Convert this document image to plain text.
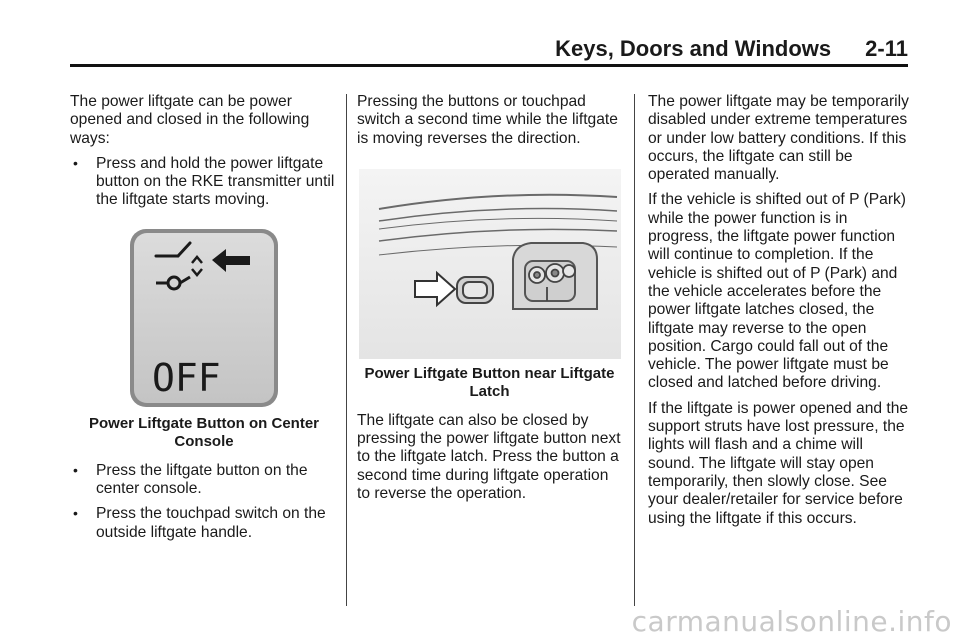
Keys, Doors and Windows 2-11

The power liftgate can be power opened and closed in the following ways:

• Press and hold the power liftgate button on the RKE transmitter until the liftgate starts moving.
OFF
Power Liftgate Button on Center Console
• Press the liftgate button on the center console.
• Press the touchpad switch on the outside liftgate handle.

Pressing the buttons or touchpad switch a second time while the liftgate is moving reverses the direction.

Power Liftgate Button near Liftgate Latch

The liftgate can also be closed by pressing the power liftgate button next to the liftgate latch. Press the button a second time during liftgate operation to reverse the operation.

The power liftgate may be temporarily disabled under extreme temperatures or under low battery conditions. If this occurs, the liftgate can still be operated manually.

If the vehicle is shifted out of P (Park) while the power function is in progress, the liftgate power function will continue to completion. If the vehicle is shifted out of P (Park) and the vehicle accelerates before the power liftgate latches closed, the liftgate may reverse to the open position. Cargo could fall out of the vehicle. The power liftgate must be closed and latched before driving.

If the liftgate is power opened and the support struts have lost pressure, the lights will flash and a chime will sound. The liftgate will stay open temporarily, then slowly close. See your dealer/retailer for service before using the liftgate if this occurs.

carmanualsonline.info
